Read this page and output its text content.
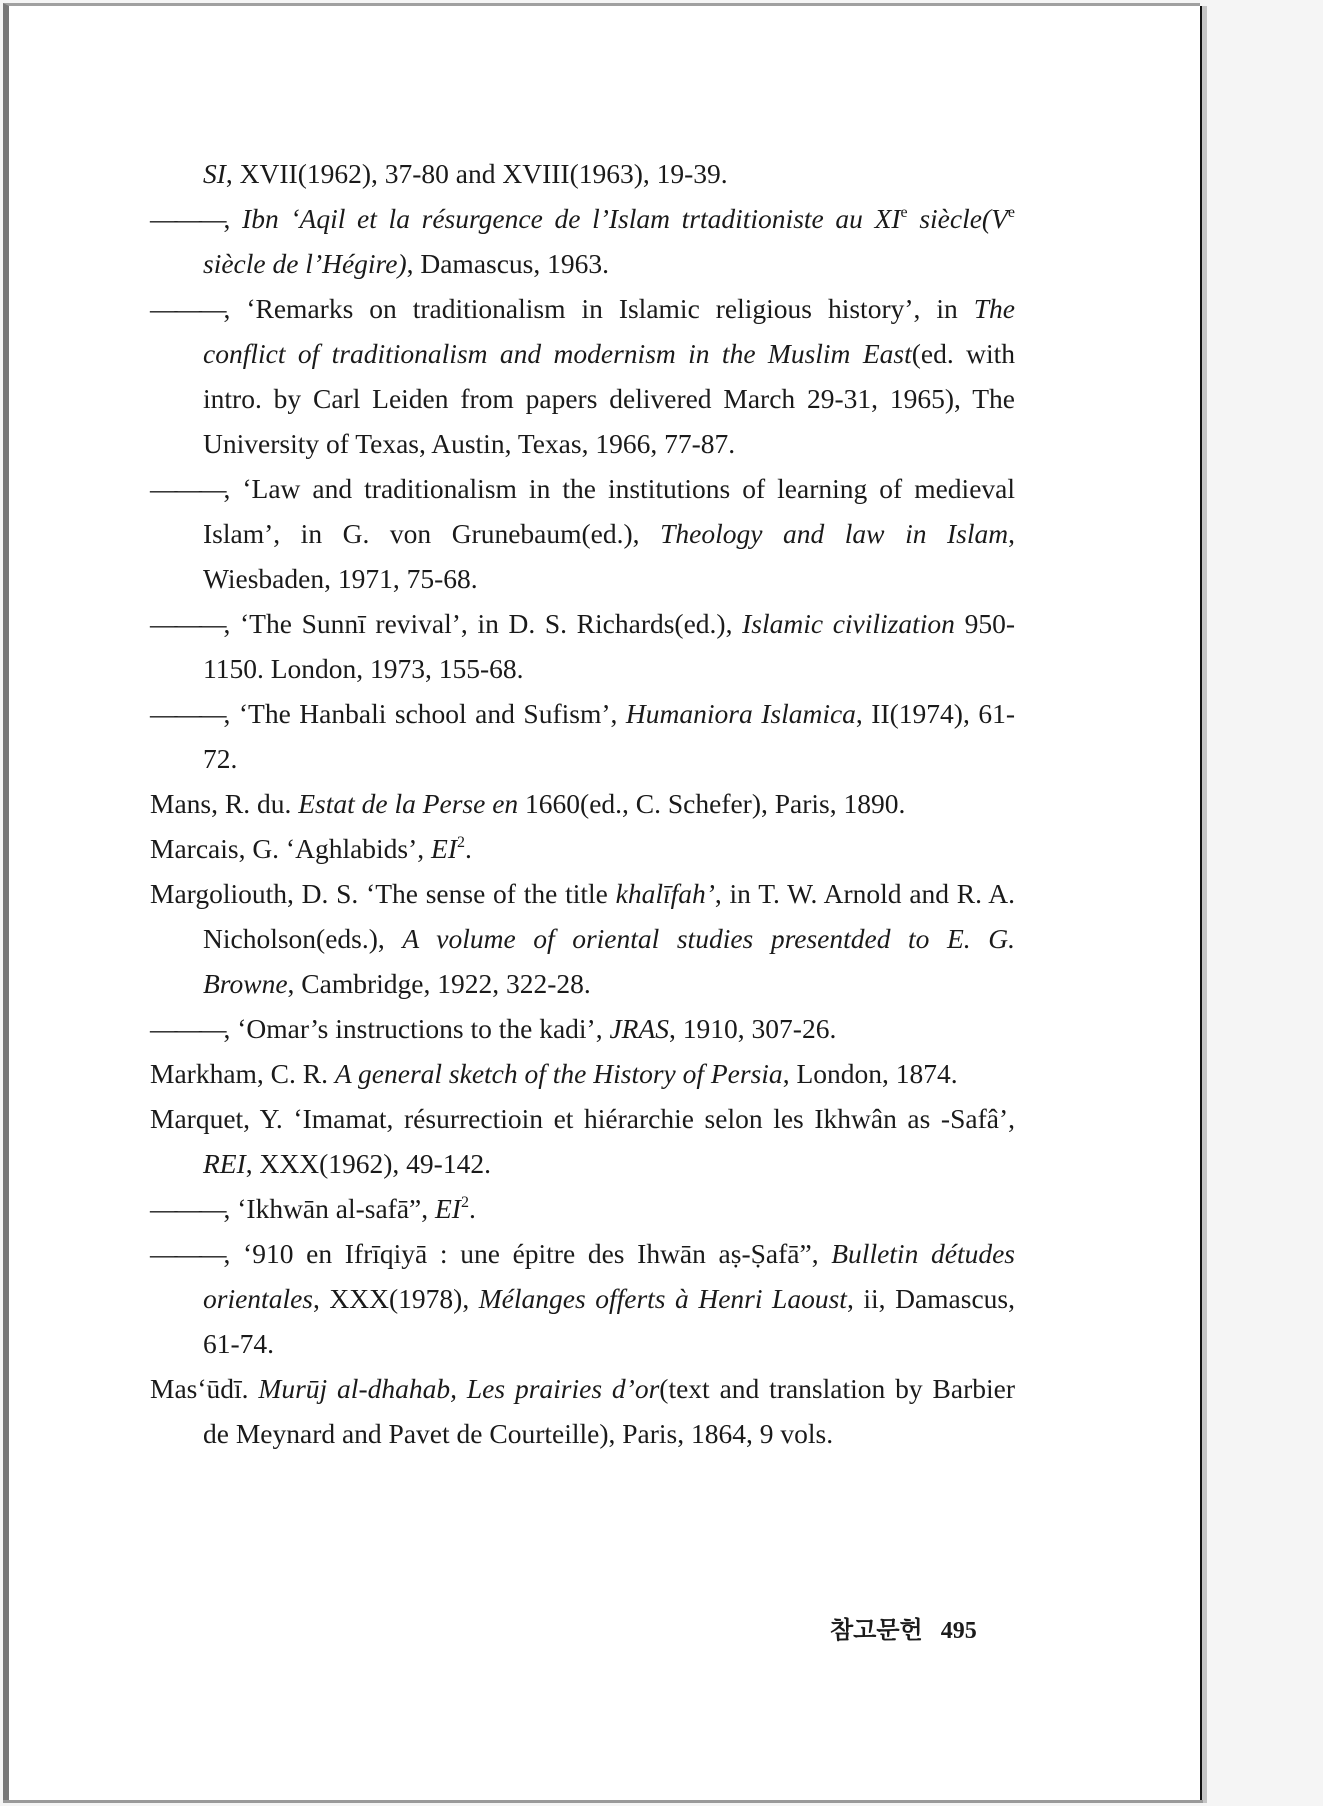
SI, XVII(1962), 37-80 and XVIII(1963), 19-39.
———, Ibn ‘Aqil et la résurgence de l’Islam trtaditioniste au XIe siècle(Ve siècle de l’Hégire), Damascus, 1963.
———, ‘Remarks on traditionalism in Islamic religious history’, in The conflict of traditionalism and modernism in the Muslim East(ed. with intro. by Carl Leiden from papers delivered March 29-31, 1965), The University of Texas, Austin, Texas, 1966, 77-87.
———, ‘Law and traditionalism in the institutions of learning of medieval Islam’, in G. von Grunebaum(ed.), Theology and law in Islam, Wiesbaden, 1971, 75-68.
———, ‘The Sunnī revival’, in D. S. Richards(ed.), Islamic civilization 950-1150. London, 1973, 155-68.
———, ‘The Hanbali school and Sufism’, Humaniora Islamica, II(1974), 61-72.
Mans, R. du. Estat de la Perse en 1660(ed., C. Schefer), Paris, 1890.
Marcais, G. ‘Aghlabids’, $EI^2$.
Margoliouth, D. S. ‘The sense of the title khalīfah’, in T. W. Arnold and R. A. Nicholson(eds.), A volume of oriental studies presentded to E. G. Browne, Cambridge, 1922, 322-28.
———, ‘Omar’s instructions to the kadi’, JRAS, 1910, 307-26.
Markham, C. R. A general sketch of the History of Persia, London, 1874.
Marquet, Y. ‘Imamat, résurrectioin et hiérarchie selon les Ikhwân as -Safâ’, REI, XXX(1962), 49-142.
———, ‘Ikhwān al-safā”, $EI^2$.
———, ‘910 en Ifrīqiyā : une épitre des Ihwān aṣ-Ṣafā”, Bulletin détudes orientales, XXX(1978), Mélanges offerts à Henri Laoust, ii, Damascus, 61-74.
Mas‘ūdī. Murūj al-dhahab, Les prairies d’or(text and translation by Barbier de Meynard and Pavet de Courteille), Paris, 1864, 9 vols.
참고문헌 495
